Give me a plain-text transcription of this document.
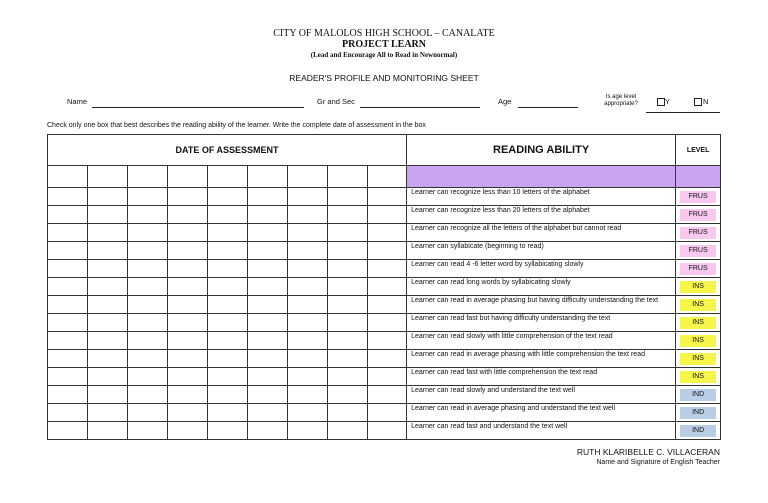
CITY OF MALOLOS HIGH SCHOOL – CANALATE
PROJECT LEARN
(Lead and Encourage All to Read in Newnormal)
READER'S PROFILE AND MONITORING SHEET
Name	Gr and Sec	Age	Is age level
appropriate?	Y	N
Check only one box that best describes the reading ability of the learner. Write the complete date of assessment in the box
DATE OF ASSESSMENT									READING ABILITY	LEVEL

									Learner can recognize less than 10 letters of the alphabet	FRUS

									Learner can recognize less than 20 letters of the alphabet	FRUS

									Learner can recognize all the letters of the alphabet but cannot read	FRUS

									Learner can syllabicate (beginning to read)	FRUS

									Learner can read 4 -6 letter word by syllabicating slowly	FRUS

									Learner can read long words by syllabicating slowly	INS

									Learner can read in average phasing but having difficulty understanding the text	INS

									Learner can read fast but having difficulty understanding the text	INS

									Learner can read slowly with little comprehension of the text read	INS

									Learner can read in average phasing with little comprehension the text read	INS

									Learner can read fast with little comprehension the text read	INS

									Learner can read slowly and understand the text well	IND

									Learner can read in average phasing and understand the text well	IND

									Learner can read fast and understand the text well	IND
RUTH KLARIBELLE C. VILLACERAN
Name and Signature of English Teacher
